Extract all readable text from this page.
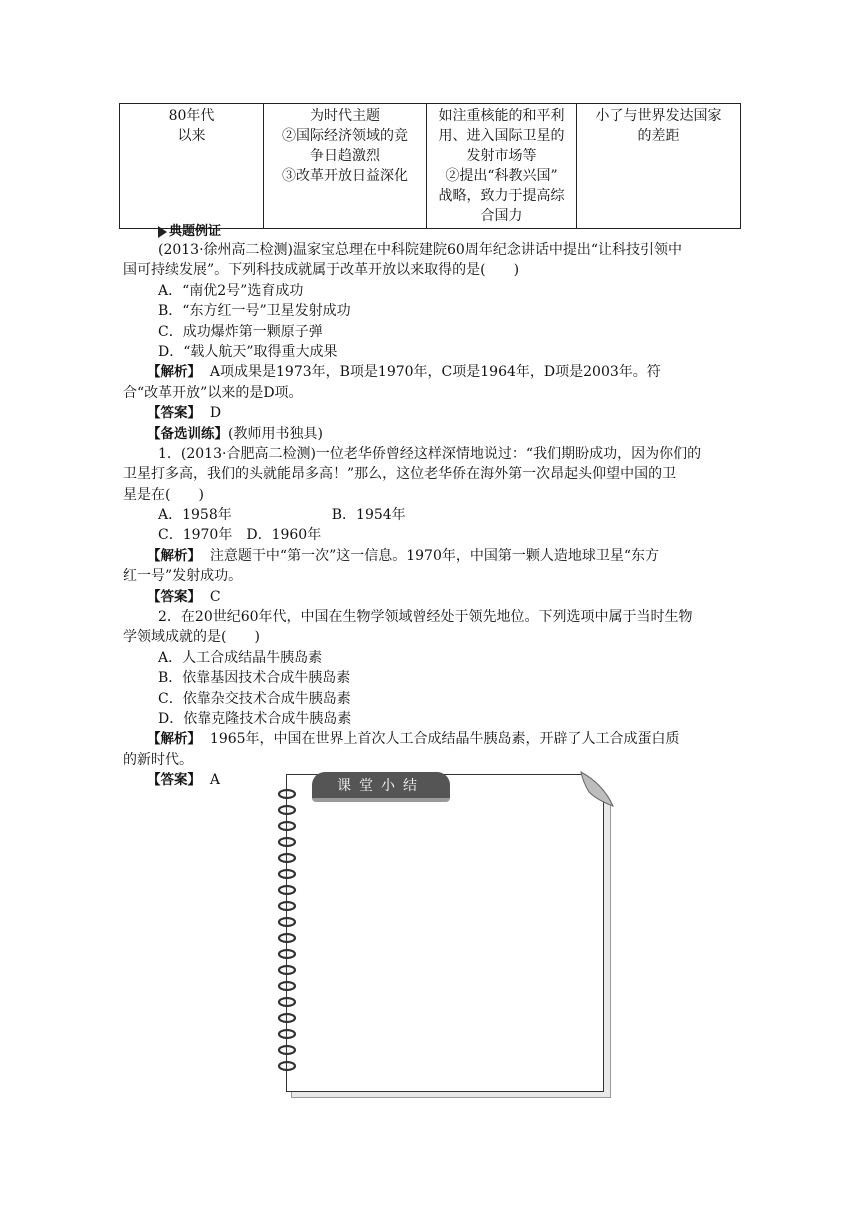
80年代
以来

为时代主题
②国际经济领域的竞
争日趋激烈
③改革开放日益深化

如注重核能的和平利
用、进入国际卫星的
发射市场等
②提出“科教兴国”
战略，致力于提高综
合国力

小了与世界发达国家
的差距
典题例证
(2013·徐州高二检测)温家宝总理在中科院建院60周年纪念讲话中提出“让科技引领中
国可持续发展”。下列科技成就属于改革开放以来取得的是(　　)
A．“南优2号”选育成功
B．“东方红一号”卫星发射成功
C．成功爆炸第一颗原子弹
D．“载人航天”取得重大成果
【解析】 A项成果是1973年，B项是1970年，C项是1964年，D项是2003年。符
合“改革开放”以来的是D项。
【答案】 D
【备选训练】(教师用书独具)
1．(2013·合肥高二检测)一位老华侨曾经这样深情地说过：“我们期盼成功，因为你们的
卫星打多高，我们的头就能昂多高！”那么，这位老华侨在海外第一次昂起头仰望中国的卫
星是在(　　)
A．1958年	B．1954年
C．1970年　D．1960年
【解析】 注意题干中“第一次”这一信息。1970年，中国第一颗人造地球卫星“东方
红一号”发射成功。
【答案】 C
2．在20世纪60年代，中国在生物学领域曾经处于领先地位。下列选项中属于当时生物
学领域成就的是(　　)
A．人工合成结晶牛胰岛素
B．依靠基因技术合成牛胰岛素
C．依靠杂交技术合成牛胰岛素
D．依靠克隆技术合成牛胰岛素
【解析】 1965年，中国在世界上首次人工合成结晶牛胰岛素，开辟了人工合成蛋白质
的新时代。
【答案】 A	课堂小结
